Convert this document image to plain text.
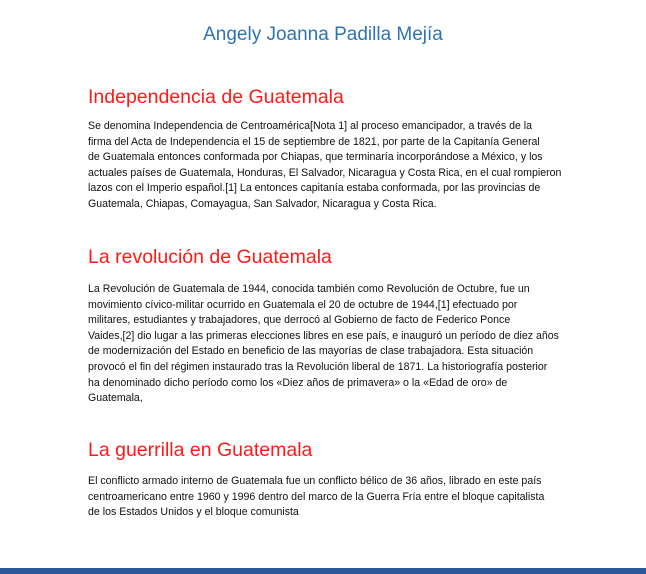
Angely Joanna Padilla Mejía
Independencia de Guatemala
Se denomina Independencia de Centroamérica[Nota 1] al proceso emancipador, a través de la
firma del Acta de Independencia el 15 de septiembre de 1821, por parte de la Capitanía General
de Guatemala entonces conformada por Chiapas, que terminaría incorporándose a México, y los
actuales países de Guatemala, Honduras, El Salvador, Nicaragua y Costa Rica, en el cual rompieron
lazos con el Imperio español.[1] La entonces capitanía estaba conformada, por las provincias de
Guatemala, Chiapas, Comayagua, San Salvador, Nicaragua y Costa Rica.
La revolución de Guatemala
La Revolución de Guatemala de 1944, conocida también como Revolución de Octubre, fue un
movimiento cívico-militar ocurrido en Guatemala el 20 de octubre de 1944,[1] efectuado por
militares, estudiantes y trabajadores, que derrocó al Gobierno de facto de Federico Ponce
Vaides,[2] dio lugar a las primeras elecciones libres en ese país, e inauguró un período de diez años
de modernización del Estado en beneficio de las mayorías de clase trabajadora. Esta situación
provocó el fin del régimen instaurado tras la Revolución liberal de 1871. La historiografía posterior
ha denominado dicho período como los «Diez años de primavera» o la «Edad de oro» de
Guatemala,
La guerrilla en Guatemala
El conflicto armado interno de Guatemala fue un conflicto bélico de 36 años, librado en este país
centroamericano entre 1960 y 1996 dentro del marco de la Guerra Fría entre el bloque capitalista
de los Estados Unidos y el bloque comunista
